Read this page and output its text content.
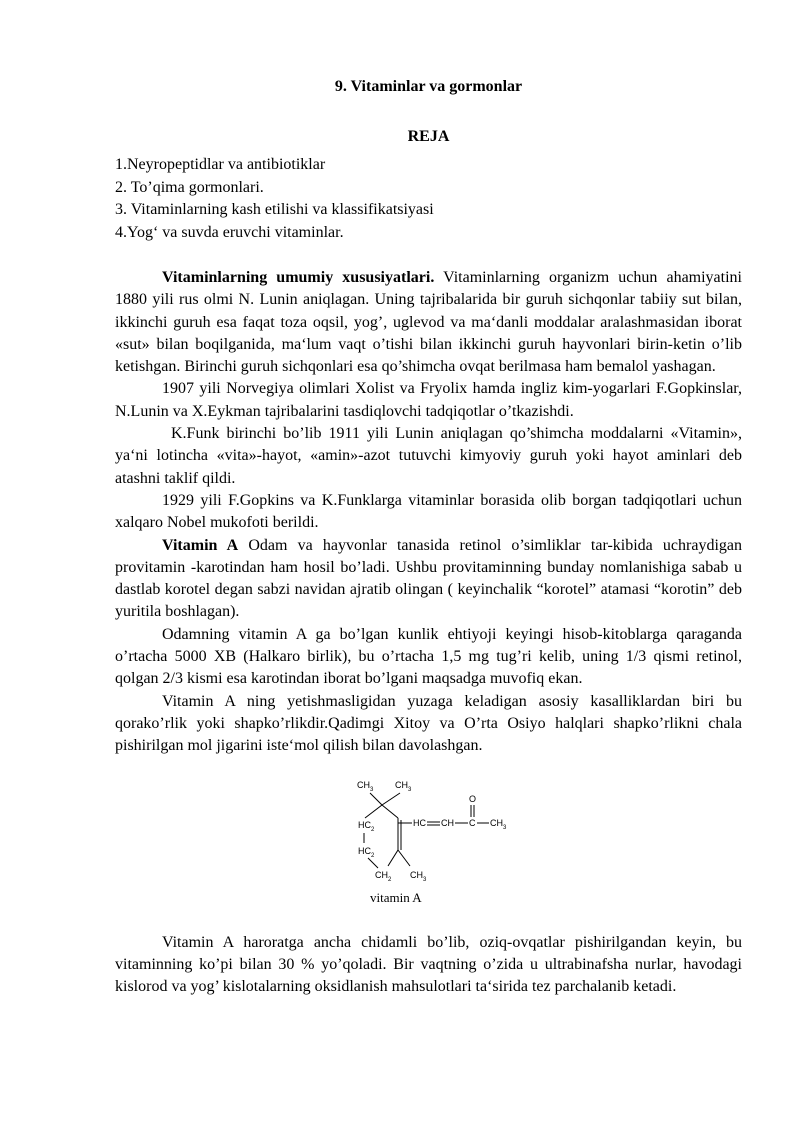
9. Vitaminlar va gormonlar
REJA
1.Neyropeptidlar va antibiotiklar
2. To’qima gormonlari.
3. Vitaminlarning kash etilishi va klassifikatsiyasi
4.Yog‘ va suvda eruvchi vitaminlar.

Vitaminlarning umumiy xususiyatlari. Vitaminlarning organizm uchun ahamiyatini 1880 yili rus olmi N. Lunin aniqlagan. Uning tajribalarida bir guruh sichqonlar tabiiy sut bilan, ikkinchi guruh esa faqat toza oqsil, yog’, uglevod va ma‘danli moddalar aralashmasidan iborat «sut» bilan boqilganida, ma‘lum vaqt o’tishi bilan ikkinchi guruh hayvonlari birin-ketin o’lib ketishgan. Birinchi guruh sichqonlari esa qo’shimcha ovqat berilmasa ham bemalol yashagan.

1907 yili Norvegiya olimlari Xolist va Fryolix hamda ingliz kim-yogarlari F.Gopkinslar, N.Lunin va X.Eykman tajribalarini tasdiqlovchi tadqiqotlar o’tkazishdi.

K.Funk birinchi bo’lib 1911 yili Lunin aniqlagan qo’shimcha moddalarni «Vitamin», ya‘ni lotincha «vita»-hayot, «amin»-azot tutuvchi kimyoviy guruh yoki hayot aminlari deb atashni taklif qildi.

1929 yili F.Gopkins va K.Funklarga vitaminlar borasida olib borgan tadqiqotlari uchun xalqaro Nobel mukofoti berildi.

Vitamin A Odam va hayvonlar tanasida retinol o’simliklar tar-kibida uchraydigan provitamin -karotindan ham hosil bo’ladi. Ushbu provitaminning bunday nomlanishiga sabab u dastlab korotel degan sabzi navidan ajratib olingan ( keyinchalik “korotel” atamasi “korotin” deb yuritila boshlagan).

Odamning vitamin A ga bo’lgan kunlik ehtiyoji keyingi hisob-kitoblarga qaraganda o’rtacha 5000 XB (Halkaro birlik), bu o’rtacha 1,5 mg tug’ri kelib, uning 1/3 qismi retinol, qolgan 2/3 kismi esa karotindan iborat bo’lgani maqsadga muvofiq ekan.

Vitamin A ning yetishmasligidan yuzaga keladigan asosiy kasalliklardan biri bu qorako’rlik yoki shapko’rlikdir.Qadimgi Xitoy va O’rta Osiyo halqlari shapko’rlikni chala pishirilgan mol jigarini iste‘mol qilish bilan davolashgan.

$CH_3$ $CH_3$
$HC_2$
$HC_2$
$CH_2$ $CH_3$
HC CH C
O
$CH_3$
vitamin A

Vitamin A haroratga ancha chidamli bo’lib, oziq-ovqatlar pishirilgandan keyin, bu vitaminning ko’pi bilan 30 % yo’qoladi. Bir vaqtning o’zida u ultrabinafsha nurlar, havodagi kislorod va yog’ kislotalarning oksidlanish mahsulotlari ta‘sirida tez parchalanib ketadi.
